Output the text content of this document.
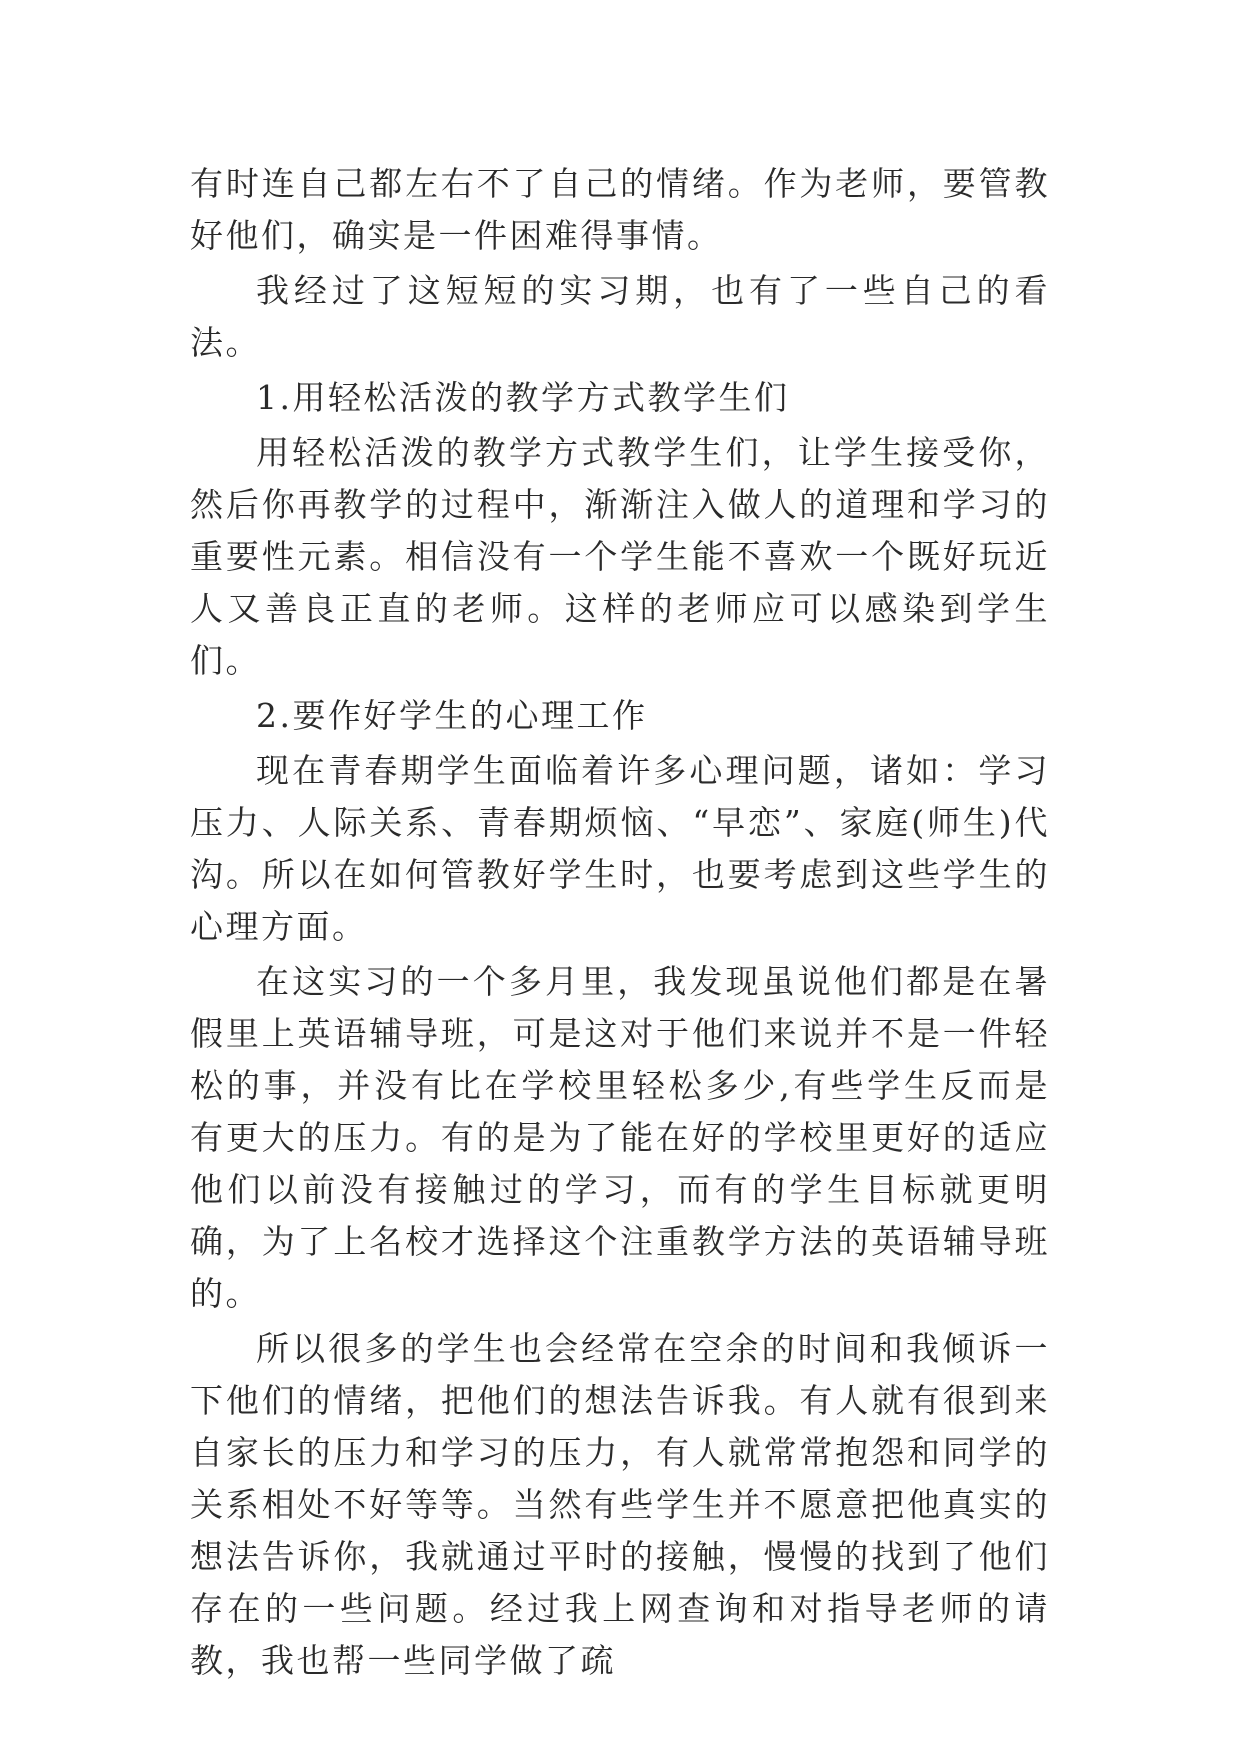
有时连自己都左右不了自己的情绪。作为老师，要管教好他们，确实是一件困难得事情。

我经过了这短短的实习期，也有了一些自己的看法。

1.用轻松活泼的教学方式教学生们

用轻松活泼的教学方式教学生们，让学生接受你，然后你再教学的过程中，渐渐注入做人的道理和学习的重要性元素。相信没有一个学生能不喜欢一个既好玩近人又善良正直的老师。这样的老师应可以感染到学生们。

2.要作好学生的心理工作

现在青春期学生面临着许多心理问题，诸如：学习压力、人际关系、青春期烦恼、“早恋”、家庭(师生)代沟。所以在如何管教好学生时，也要考虑到这些学生的心理方面。

在这实习的一个多月里，我发现虽说他们都是在暑假里上英语辅导班，可是这对于他们来说并不是一件轻松的事，并没有比在学校里轻松多少,有些学生反而是有更大的压力。有的是为了能在好的学校里更好的适应他们以前没有接触过的学习，而有的学生目标就更明确，为了上名校才选择这个注重教学方法的英语辅导班的。

所以很多的学生也会经常在空余的时间和我倾诉一下他们的情绪，把他们的想法告诉我。有人就有很到来自家长的压力和学习的压力，有人就常常抱怨和同学的关系相处不好等等。当然有些学生并不愿意把他真实的想法告诉你，我就通过平时的接触，慢慢的找到了他们存在的一些问题。经过我上网查询和对指导老师的请教，我也帮一些同学做了疏
